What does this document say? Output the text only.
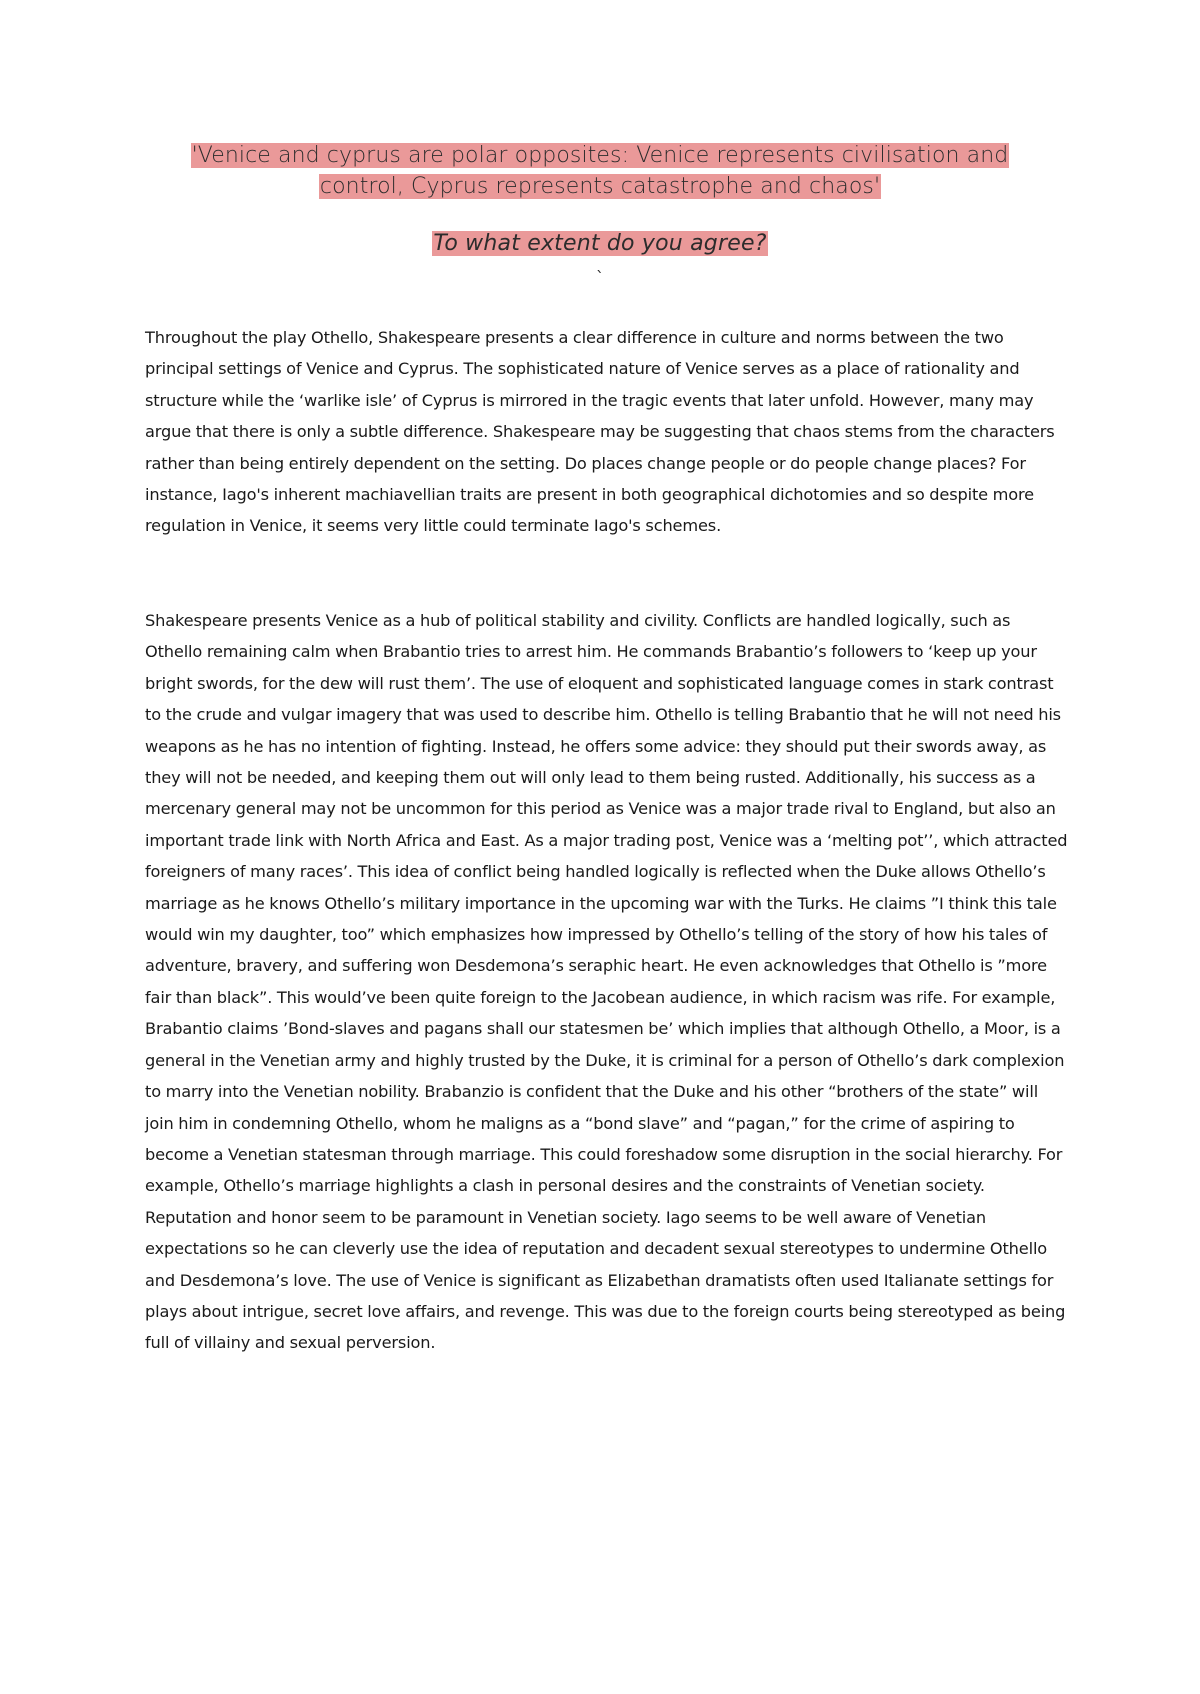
'Venice and cyprus are polar opposites: Venice represents civilisation and
control, Cyprus represents catastrophe and chaos'
To what extent do you agree?
`

Throughout the play Othello, Shakespeare presents a clear difference in culture and norms between the two principal settings of Venice and Cyprus. The sophisticated nature of Venice serves as a place of rationality and structure while the ‘warlike isle’ of Cyprus is mirrored in the tragic events that later unfold. However, many may argue that there is only a subtle difference. Shakespeare may be suggesting that chaos stems from the characters rather than being entirely dependent on the setting. Do places change people or do people change places? For instance, Iago's inherent machiavellian traits are present in both geographical dichotomies and so despite more regulation in Venice, it seems very little could terminate Iago's schemes.

Shakespeare presents Venice as a hub of political stability and civility. Conflicts are handled logically, such as Othello remaining calm when Brabantio tries to arrest him. He commands Brabantio’s followers to ‘keep up your bright swords, for the dew will rust them’. The use of eloquent and sophisticated language comes in stark contrast to the crude and vulgar imagery that was used to describe him. Othello is telling Brabantio that he will not need his weapons as he has no intention of fighting. Instead, he offers some advice: they should put their swords away, as they will not be needed, and keeping them out will only lead to them being rusted. Additionally, his success as a mercenary general may not be uncommon for this period as Venice was a major trade rival to England, but also an important trade link with North Africa and East. As a major trading post, Venice was a ‘melting pot’’, which attracted foreigners of many races’. This idea of conflict being handled logically is reflected when the Duke allows Othello’s marriage as he knows Othello’s military importance in the upcoming war with the Turks. He claims ”I think this tale would win my daughter, too” which emphasizes how impressed by Othello’s telling of the story of how his tales of adventure, bravery, and suffering won Desdemona’s seraphic heart. He even acknowledges that Othello is ”more fair than black”. This would’ve been quite foreign to the Jacobean audience, in which racism was rife. For example, Brabantio claims ’Bond-slaves and pagans shall our statesmen be’ which implies that although Othello, a Moor, is a general in the Venetian army and highly trusted by the Duke, it is criminal for a person of Othello’s dark complexion to marry into the Venetian nobility. Brabanzio is confident that the Duke and his other “brothers of the state” will join him in condemning Othello, whom he maligns as a “bond slave” and “pagan,” for the crime of aspiring to become a Venetian statesman through marriage. This could foreshadow some disruption in the social hierarchy. For example, Othello’s marriage highlights a clash in personal desires and the constraints of Venetian society. Reputation and honor seem to be paramount in Venetian society. Iago seems to be well aware of Venetian expectations so he can cleverly use the idea of reputation and decadent sexual stereotypes to undermine Othello and Desdemona’s love. The use of Venice is significant as Elizabethan dramatists often used Italianate settings for plays about intrigue, secret love affairs, and revenge. This was due to the foreign courts being stereotyped as being full of villainy and sexual perversion.
